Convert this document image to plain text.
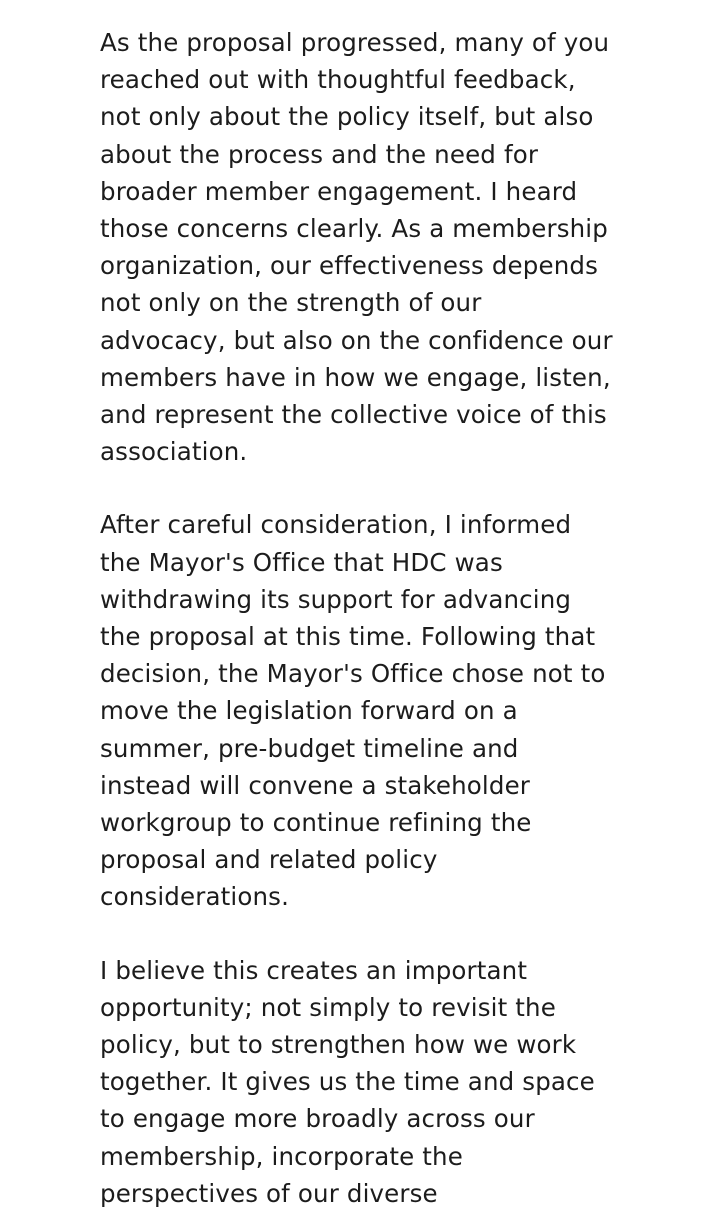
As the proposal progressed, many of you
reached out with thoughtful feedback,
not only about the policy itself, but also
about the process and the need for
broader member engagement. I heard
those concerns clearly. As a membership
organization, our effectiveness depends
not only on the strength of our
advocacy, but also on the confidence our
members have in how we engage, listen,
and represent the collective voice of this
association.
After careful consideration, I informed
the Mayor's Office that HDC was
withdrawing its support for advancing
the proposal at this time. Following that
decision, the Mayor's Office chose not to
move the legislation forward on a
summer, pre-budget timeline and
instead will convene a stakeholder
workgroup to continue refining the
proposal and related policy
considerations.
I believe this creates an important
opportunity; not simply to revisit the
policy, but to strengthen how we work
together. It gives us the time and space
to engage more broadly across our
membership, incorporate the
perspectives of our diverse
